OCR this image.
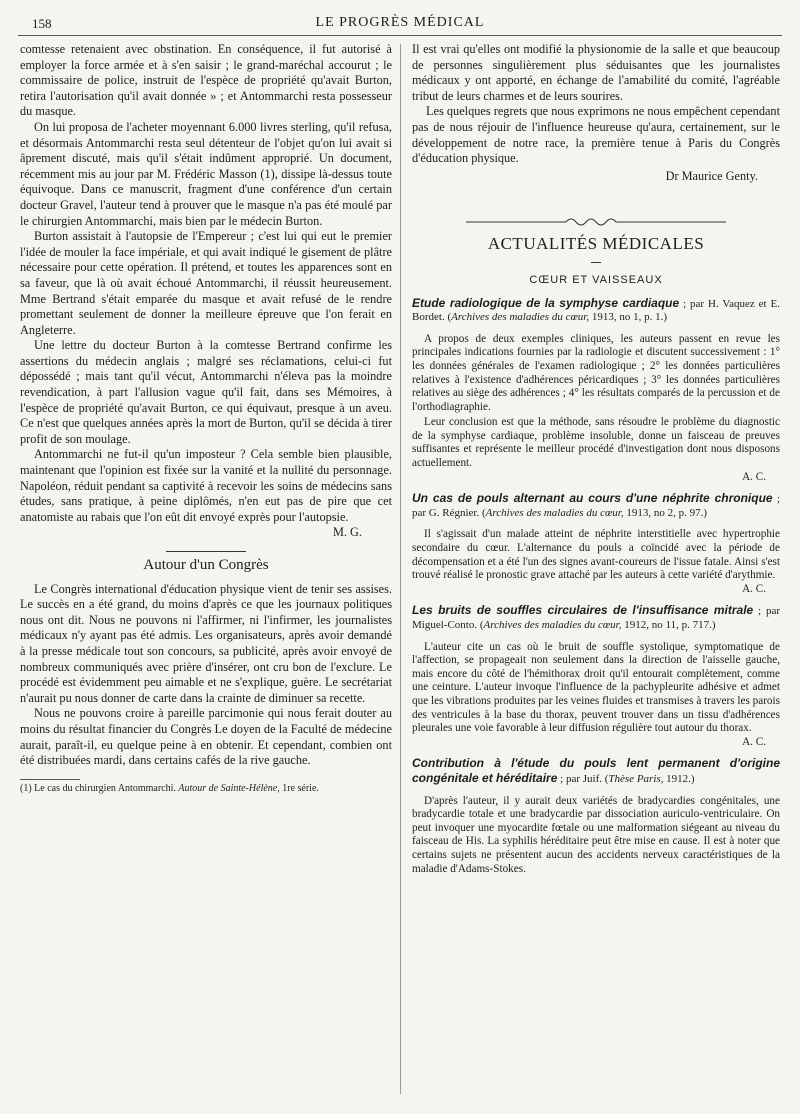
158	LE PROGRÈS MÉDICAL

comtesse retenaient avec obstination. En conséquence, il fut autorisé à employer la force armée et à s'en saisir ; le grand-maréchal accourut ; le commissaire de police, instruit de l'espèce de propriété qu'avait Burton, retira l'autorisation qu'il avait donnée » ; et Antommarchi resta possesseur du masque.

On lui proposa de l'acheter moyennant 6.000 livres sterling, qu'il refusa, et désormais Antommarchi resta seul détenteur de l'objet qu'on lui avait si âprement discuté, mais qu'il s'était indûment approprié. Un document, récemment mis au jour par M. Frédéric Masson (1), dissipe là-dessus toute équivoque. Dans ce manuscrit, fragment d'une conférence d'un certain docteur Gravel, l'auteur tend à prouver que le masque n'a pas été moulé par le chirurgien Antommarchi, mais bien par le médecin Burton.

Burton assistait à l'autopsie de l'Empereur ; c'est lui qui eut le premier l'idée de mouler la face impériale, et qui avait indiqué le gisement de plâtre nécessaire pour cette opération. Il prétend, et toutes les apparences sont en sa faveur, que là où avait échoué Antommarchi, il réussit heureusement. Mme Bertrand s'était emparée du masque et avait refusé de le rendre promettant seulement de donner la meilleure épreuve que l'on ferait en Angleterre.

Une lettre du docteur Burton à la comtesse Bertrand confirme les assertions du médecin anglais ; malgré ses réclamations, celui-ci fut dépossédé ; mais tant qu'il vécut, Antommarchi n'éleva pas la moindre revendication, à part l'allusion vague qu'il fait, dans ses Mémoires, à l'espèce de propriété qu'avait Burton, ce qui équivaut, presque à un aveu. Ce n'est que quelques années après la mort de Burton, qu'il se décida à tirer profit de son moulage.

Antommarchi ne fut-il qu'un imposteur ? Cela semble bien plausible, maintenant que l'opinion est fixée sur la vanité et la nullité du personnage. Napoléon, réduit pendant sa captivité à recevoir les soins de médecins sans études, sans pratique, à peine diplômés, n'en eut pas de pire que cet anatomiste au rabais que l'on eût dit envoyé exprès pour l'autopsie.

M. G.
Autour d'un Congrès

Le Congrès international d'éducation physique vient de tenir ses assises. Le succès en a été grand, du moins d'après ce que les journaux politiques nous ont dit. Nous ne pouvons ni l'affirmer, ni l'infirmer, les journalistes médicaux n'y ayant pas été admis. Les organisateurs, après avoir demandé à la presse médicale tout son concours, sa publicité, après avoir envoyé de nombreux communiqués avec prière d'insérer, ont cru bon de l'exclure. Le procédé est évidemment peu aimable et ne s'explique, guère. Le secrétariat n'aurait pu nous donner de carte dans la crainte de diminuer sa recette.

Nous ne pouvons croire à pareille parcimonie qui nous ferait douter au moins du résultat financier du Congrès Le doyen de la Faculté de médecine aurait, paraît-il, eu quelque peine à en obtenir. Et cependant, combien ont été distribuées mardi, dans certains cafés de la rive gauche.

(1) Le cas du chirurgien Antommarchi. Autour de Sainte-Hélène, 1re série.

Il est vrai qu'elles ont modifié la physionomie de la salle et que beaucoup de personnes singulièrement plus séduisantes que les journalistes médicaux y ont apporté, en échange de l'amabilité du comité, l'agréable tribut de leurs charmes et de leurs sourires.

Les quelques regrets que nous exprimons ne nous empêchent cependant pas de nous réjouir de l'influence heureuse qu'aura, certainement, sur le développement de notre race, la première tenue à Paris du Congrès d'éducation physique.

Dr Maurice Genty.
ACTUALITÉS MÉDICALES
CŒUR ET VAISSEAUX
Etude radiologique de la symphyse cardiaque ; par H. Vaquez et E. Bordet. (Archives des maladies du cœur, 1913, no 1, p. 1.)

A propos de deux exemples cliniques, les auteurs passent en revue les principales indications fournies par la radiologie et discutent successivement : 1° les données générales de l'examen radiologique ; 2° les données particulières relatives à l'existence d'adhérences péricardiques ; 3° les données particulières relatives au siège des adhérences ; 4° les résultats comparés de la percussion et de l'orthodiagraphie.

Leur conclusion est que la méthode, sans résoudre le problème du diagnostic de la symphyse cardiaque, problème insoluble, donne un faisceau de preuves suffisantes et représente le meilleur procédé d'investigation dont nous disposons actuellement.

A. C.
Un cas de pouls alternant au cours d'une néphrite chronique ; par G. Régnier. (Archives des maladies du cœur, 1913, no 2, p. 97.)

Il s'agissait d'un malade atteint de néphrite interstitielle avec hypertrophie secondaire du cœur. L'alternance du pouls a coïncidé avec la période de décompensation et a été l'un des signes avant-coureurs de l'issue fatale. Ainsi s'est trouvé réalisé le pronostic grave attaché par les auteurs à cette variété d'arythmie.

A. C.
Les bruits de souffles circulaires de l'insuffisance mitrale ; par Miguel-Conto. (Archives des maladies du cœur, 1912, no 11, p. 717.)

L'auteur cite un cas où le bruit de souffle systolique, symptomatique de l'affection, se propageait non seulement dans la direction de l'aisselle gauche, mais encore du côté de l'hémithorax droit qu'il entourait complètement, comme une ceinture. L'auteur invoque l'influence de la pachypleurite adhésive et admet que les vibrations produites par les veines fluides et transmises à travers les parois des ventricules à la base du thorax, peuvent trouver dans un tissu d'adhérences pleurales une voie favorable à leur diffusion régulière tout autour du thorax.

A. C.
Contribution à l'étude du pouls lent permanent d'origine congénitale et héréditaire ; par Juif. (Thèse Paris, 1912.)

D'après l'auteur, il y aurait deux variétés de bradycardies congénitales, une bradycardie totale et une bradycardie par dissociation auriculo-ventriculaire. On peut invoquer une myocardite fœtale ou une malformation siégeant au niveau du faisceau de His. La syphilis héréditaire peut être mise en cause. Il est à noter que certains sujets ne présentent aucun des accidents nerveux caractéristiques de la maladie d'Adams-Stokes.
